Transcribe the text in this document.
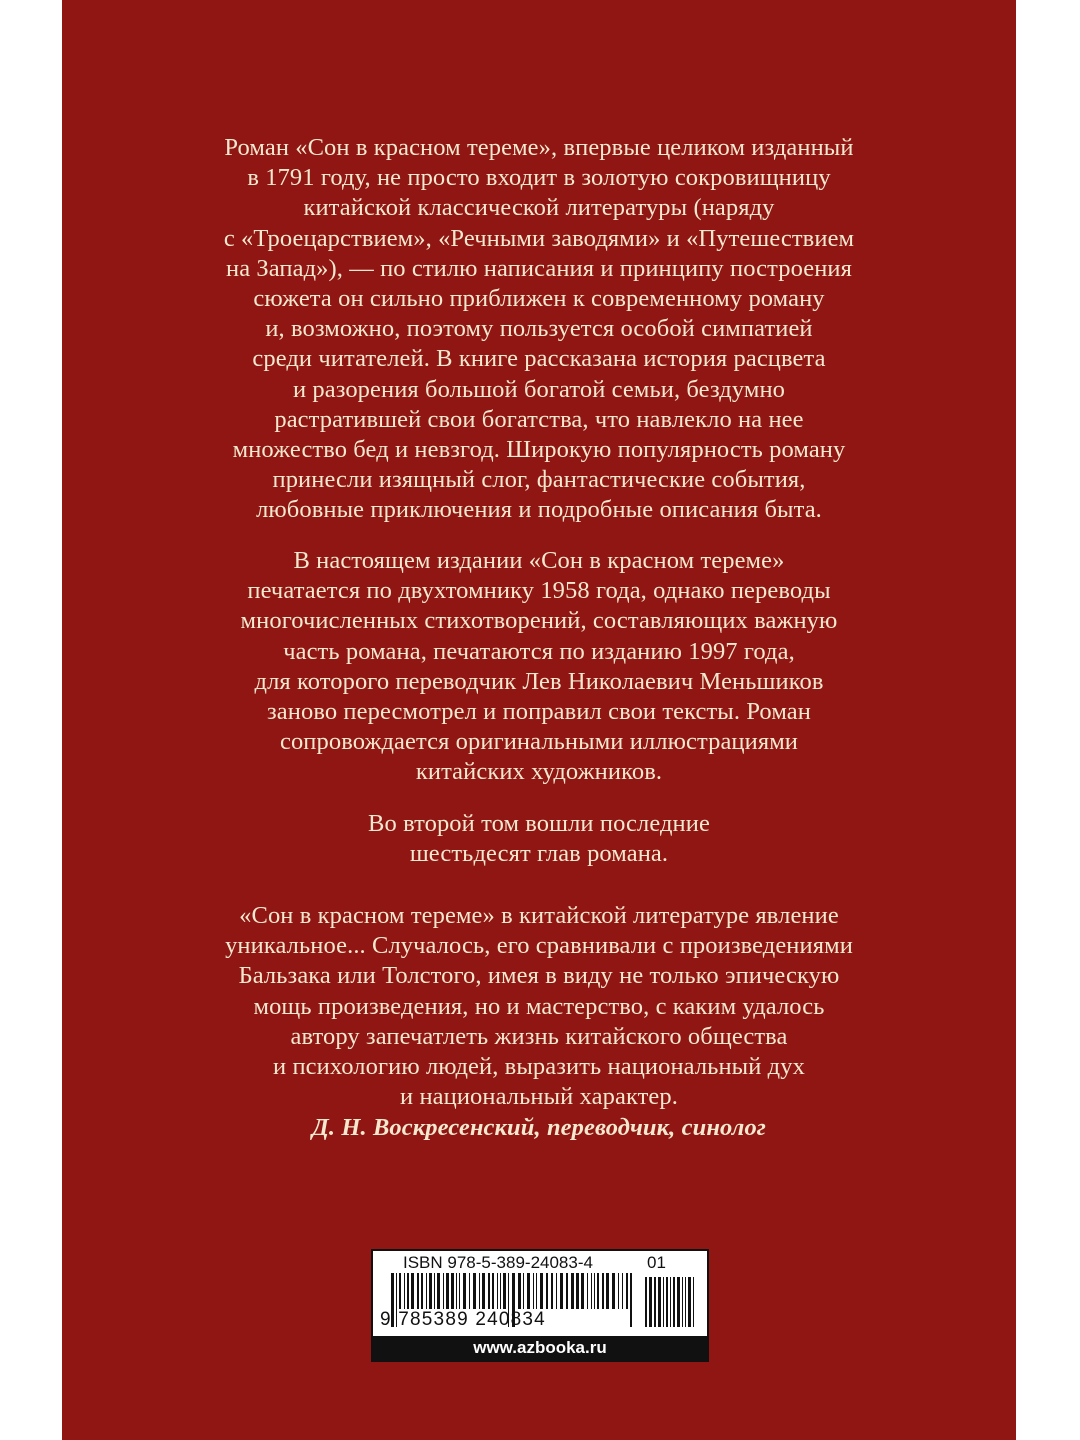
Роман «Сон в красном тереме», впервые целиком изданный
в 1791 году, не просто входит в золотую сокровищницу
китайской классической литературы (наряду
с «Троецарствием», «Речными заводями» и «Путешествием
на Запад»), — по стилю написания и принципу построения
сюжета он сильно приближен к современному роману
и, возможно, поэтому пользуется особой симпатией
среди читателей. В книге рассказана история расцвета
и разорения большой богатой семьи, бездумно
растратившей свои богатства, что навлекло на нее
множество бед и невзгод. Широкую популярность роману
принесли изящный слог, фантастические события,
любовные приключения и подробные описания быта.
В настоящем издании «Сон в красном тереме»
печатается по двухтомнику 1958 года, однако переводы
многочисленных стихотворений, составляющих важную
часть романа, печатаются по изданию 1997 года,
для которого переводчик Лев Николаевич Меньшиков
заново пересмотрел и поправил свои тексты. Роман
сопровождается оригинальными иллюстрациями
китайских художников.
Во второй том вошли последние
шестьдесят глав романа.
«Сон в красном тереме» в китайской литературе явление
уникальное... Случалось, его сравнивали с произведениями
Бальзака или Толстого, имея в виду не только эпическую
мощь произведения, но и мастерство, с каким удалось
автору запечатлеть жизнь китайского общества
и психологию людей, выразить национальный дух
и национальный характер.
Д. Н. Воскресенский, переводчик, синолог
ISBN 978-5-389-24083-4	01
9 785389 240834
www.azbooka.ru
